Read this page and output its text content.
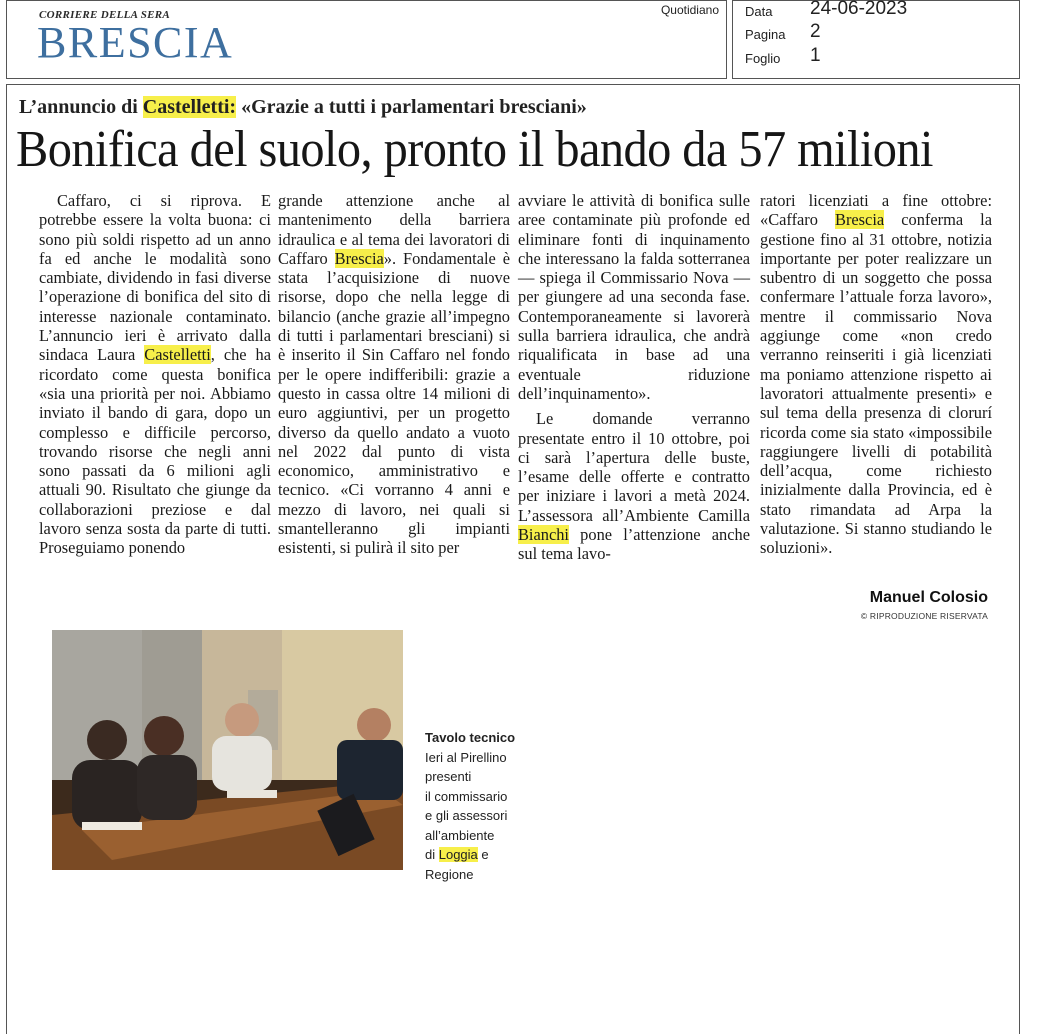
CORRIERE DELLA SERA
BRESCIA
Quotidiano Data 24-06-2023
Pagina 2
Foglio 1
L’annuncio di Castelletti: «Grazie a tutti i parlamentari bresciani»
Bonifica del suolo, pronto il bando da 57 milioni

Caffaro, ci si riprova. E potrebbe essere la volta buona: ci sono più soldi rispetto ad un anno fa ed anche le modalità sono cambiate, dividendo in fasi diverse l’operazione di bonifica del sito di interesse nazionale contaminato. L’annuncio ieri è arrivato dalla sindaca Laura Castelletti, che ha ricordato come questa bonifica «sia una priorità per noi. Abbiamo inviato il bando di gara, dopo un complesso e difficile percorso, trovando risorse che negli anni sono passati da 6 milioni agli attuali 90. Risultato che giunge da collaborazioni preziose e dal lavoro senza sosta da parte di tutti. Proseguiamo ponendo

grande attenzione anche al mantenimento della barriera idraulica e al tema dei lavoratori di Caffaro Brescia». Fondamentale è stata l’acquisizione di nuove risorse, dopo che nella legge di bilancio (anche grazie all’impegno di tutti i parlamentari bresciani) si è inserito il Sin Caffaro nel fondo per le opere indifferibili: grazie a questo in cassa oltre 14 milioni di euro aggiuntivi, per un progetto diverso da quello andato a vuoto nel 2022 dal punto di vista economico, amministrativo e tecnico. «Ci vorranno 4 anni e mezzo di lavoro, nei quali si smantelleranno gli impianti esistenti, si pulirà il sito per

avviare le attività di bonifica sulle aree contaminate più profonde ed eliminare fonti di inquinamento che interessano la falda sotterranea — spiega il Commissario Nova — per giungere ad una seconda fase. Contemporaneamente si lavorerà sulla barriera idraulica, che andrà riqualificata in base ad una eventuale riduzione dell’inquinamento».

Le domande verranno presentate entro il 10 ottobre, poi ci sarà l’apertura delle buste, l’esame delle offerte e contratto per iniziare i lavori a metà 2024. L’assessora all’Ambiente Camilla Bianchi pone l’attenzione anche sul tema lavo-

ratori licenziati a fine ottobre: «Caffaro Brescia conferma la gestione fino al 31 ottobre, notizia importante per poter realizzare un subentro di un soggetto che possa confermare l’attuale forza lavoro», mentre il commissario Nova aggiunge come «non credo verranno reinseriti i già licenziati ma poniamo attenzione rispetto ai lavoratori attualmente presenti» e sul tema della presenza di clorurí ricorda come sia stato «impossibile raggiungere livelli di potabilità dell’acqua, come richiesto inizialmente dalla Provincia, ed è stato rimandata ad Arpa la valutazione. Si stanno studiando le soluzioni».

Manuel Colosio
© RIPRODUZIONE RISERVATA
Tavolo tecnico
Ieri al Pirellino
presenti
il commissario
e gli assessori
all’ambiente
di Loggia e
Regione
